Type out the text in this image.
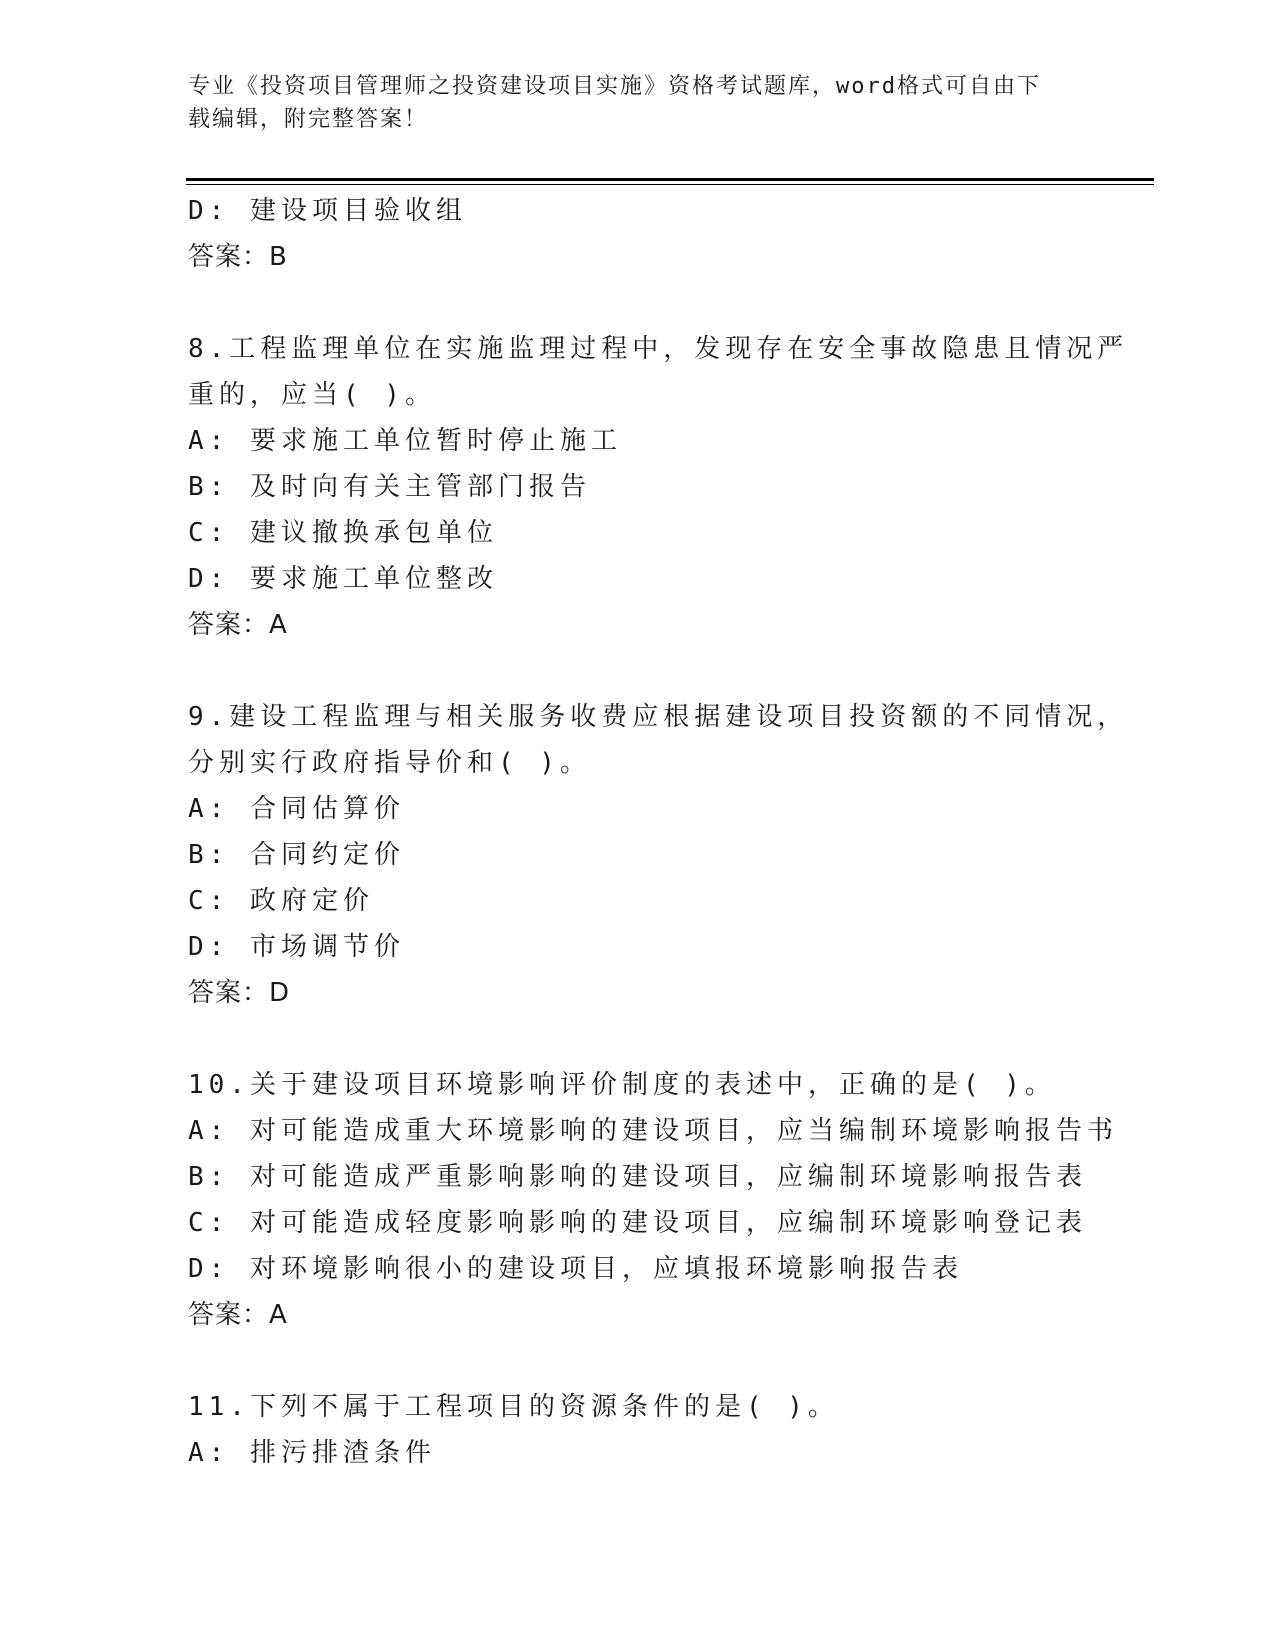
专业《投资项目管理师之投资建设项目实施》资格考试题库，word格式可自由下
载编辑，附完整答案！
D: 建设项目验收组
答案：B
8.工程监理单位在实施监理过程中，发现存在安全事故隐患且情况严
重的，应当( )。
A: 要求施工单位暂时停止施工
B: 及时向有关主管部门报告
C: 建议撤换承包单位
D: 要求施工单位整改
答案：A
9.建设工程监理与相关服务收费应根据建设项目投资额的不同情况，
分别实行政府指导价和( )。
A: 合同估算价
B: 合同约定价
C: 政府定价
D: 市场调节价
答案：D
10.关于建设项目环境影响评价制度的表述中，正确的是( )。
A: 对可能造成重大环境影响的建设项目，应当编制环境影响报告书
B: 对可能造成严重影响影响的建设项目，应编制环境影响报告表
C: 对可能造成轻度影响影响的建设项目，应编制环境影响登记表
D: 对环境影响很小的建设项目，应填报环境影响报告表
答案：A
11.下列不属于工程项目的资源条件的是( )。
A: 排污排渣条件
